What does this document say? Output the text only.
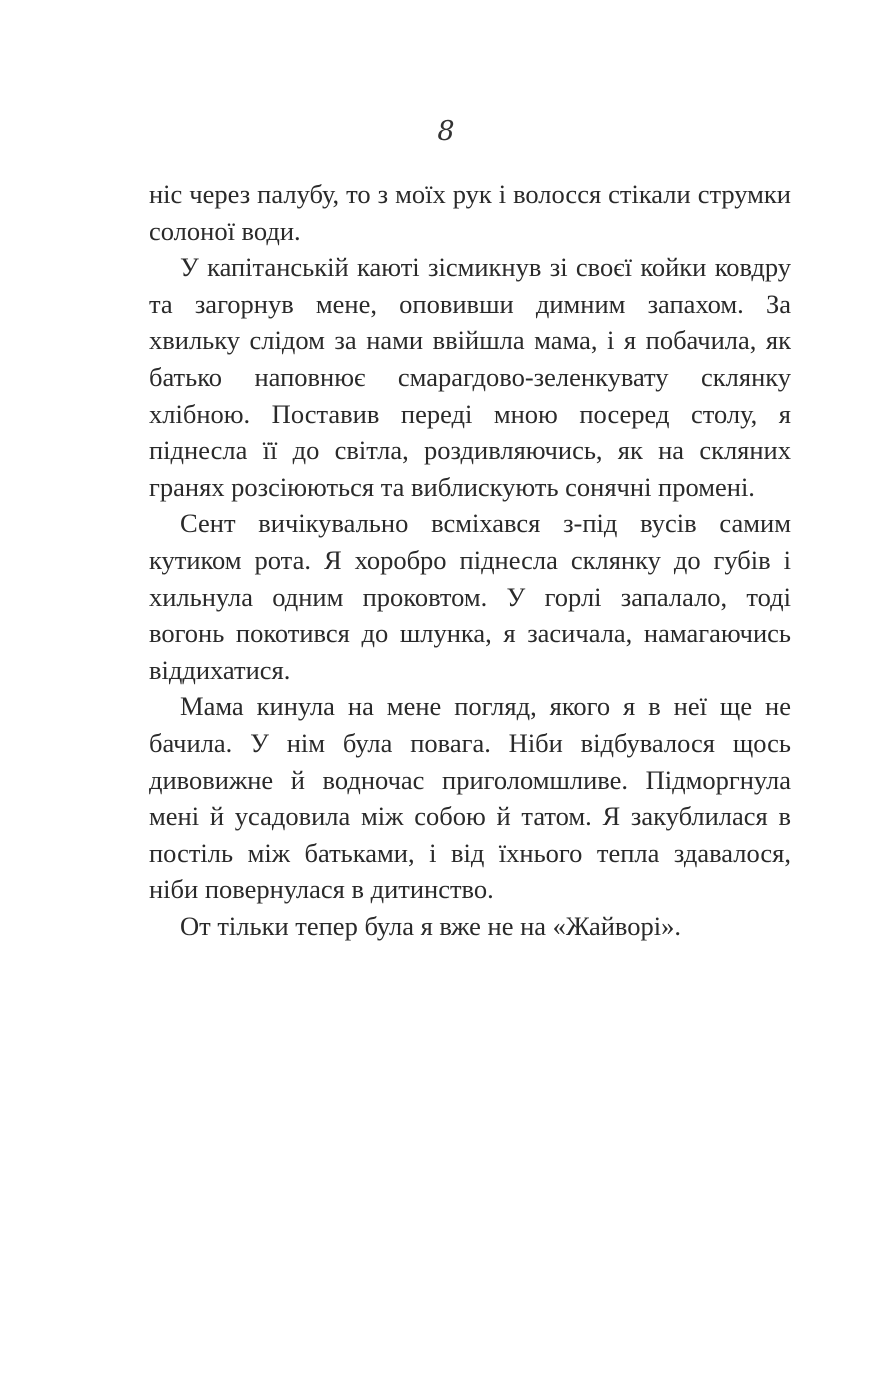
8

ніс через палубу, то з моїх рук і волосся стікали струмки солоної води.

У капітанській каюті зісмикнув зі своєї койки ковдру та загорнув мене, оповивши димним запахом. За хвильку слідом за нами ввійшла мама, і я побачила, як батько наповнює смарагдово-зеленкувату склянку хлібною. Поставив переді мною посеред столу, я піднесла її до світла, роздивляючись, як на скляних гранях розсіюються та виблискують сонячні промені.

Сент вичікувально всміхався з-під вусів самим кутиком рота. Я хоробро піднесла склянку до губів і хильнула одним проковтом. У горлі запалало, тоді вогонь покотився до шлунка, я засичала, намагаючись віддихатися.

Мама кинула на мене погляд, якого я в неї ще не бачила. У нім була повага. Ніби відбувалося щось дивовижне й водночас приголомшливе. Підморгнула мені й усадовила між собою й татом. Я закублилася в постіль між батьками, і від їхнього тепла здавалося, ніби повернулася в дитинство.

От тільки тепер була я вже не на «Жайворі».
